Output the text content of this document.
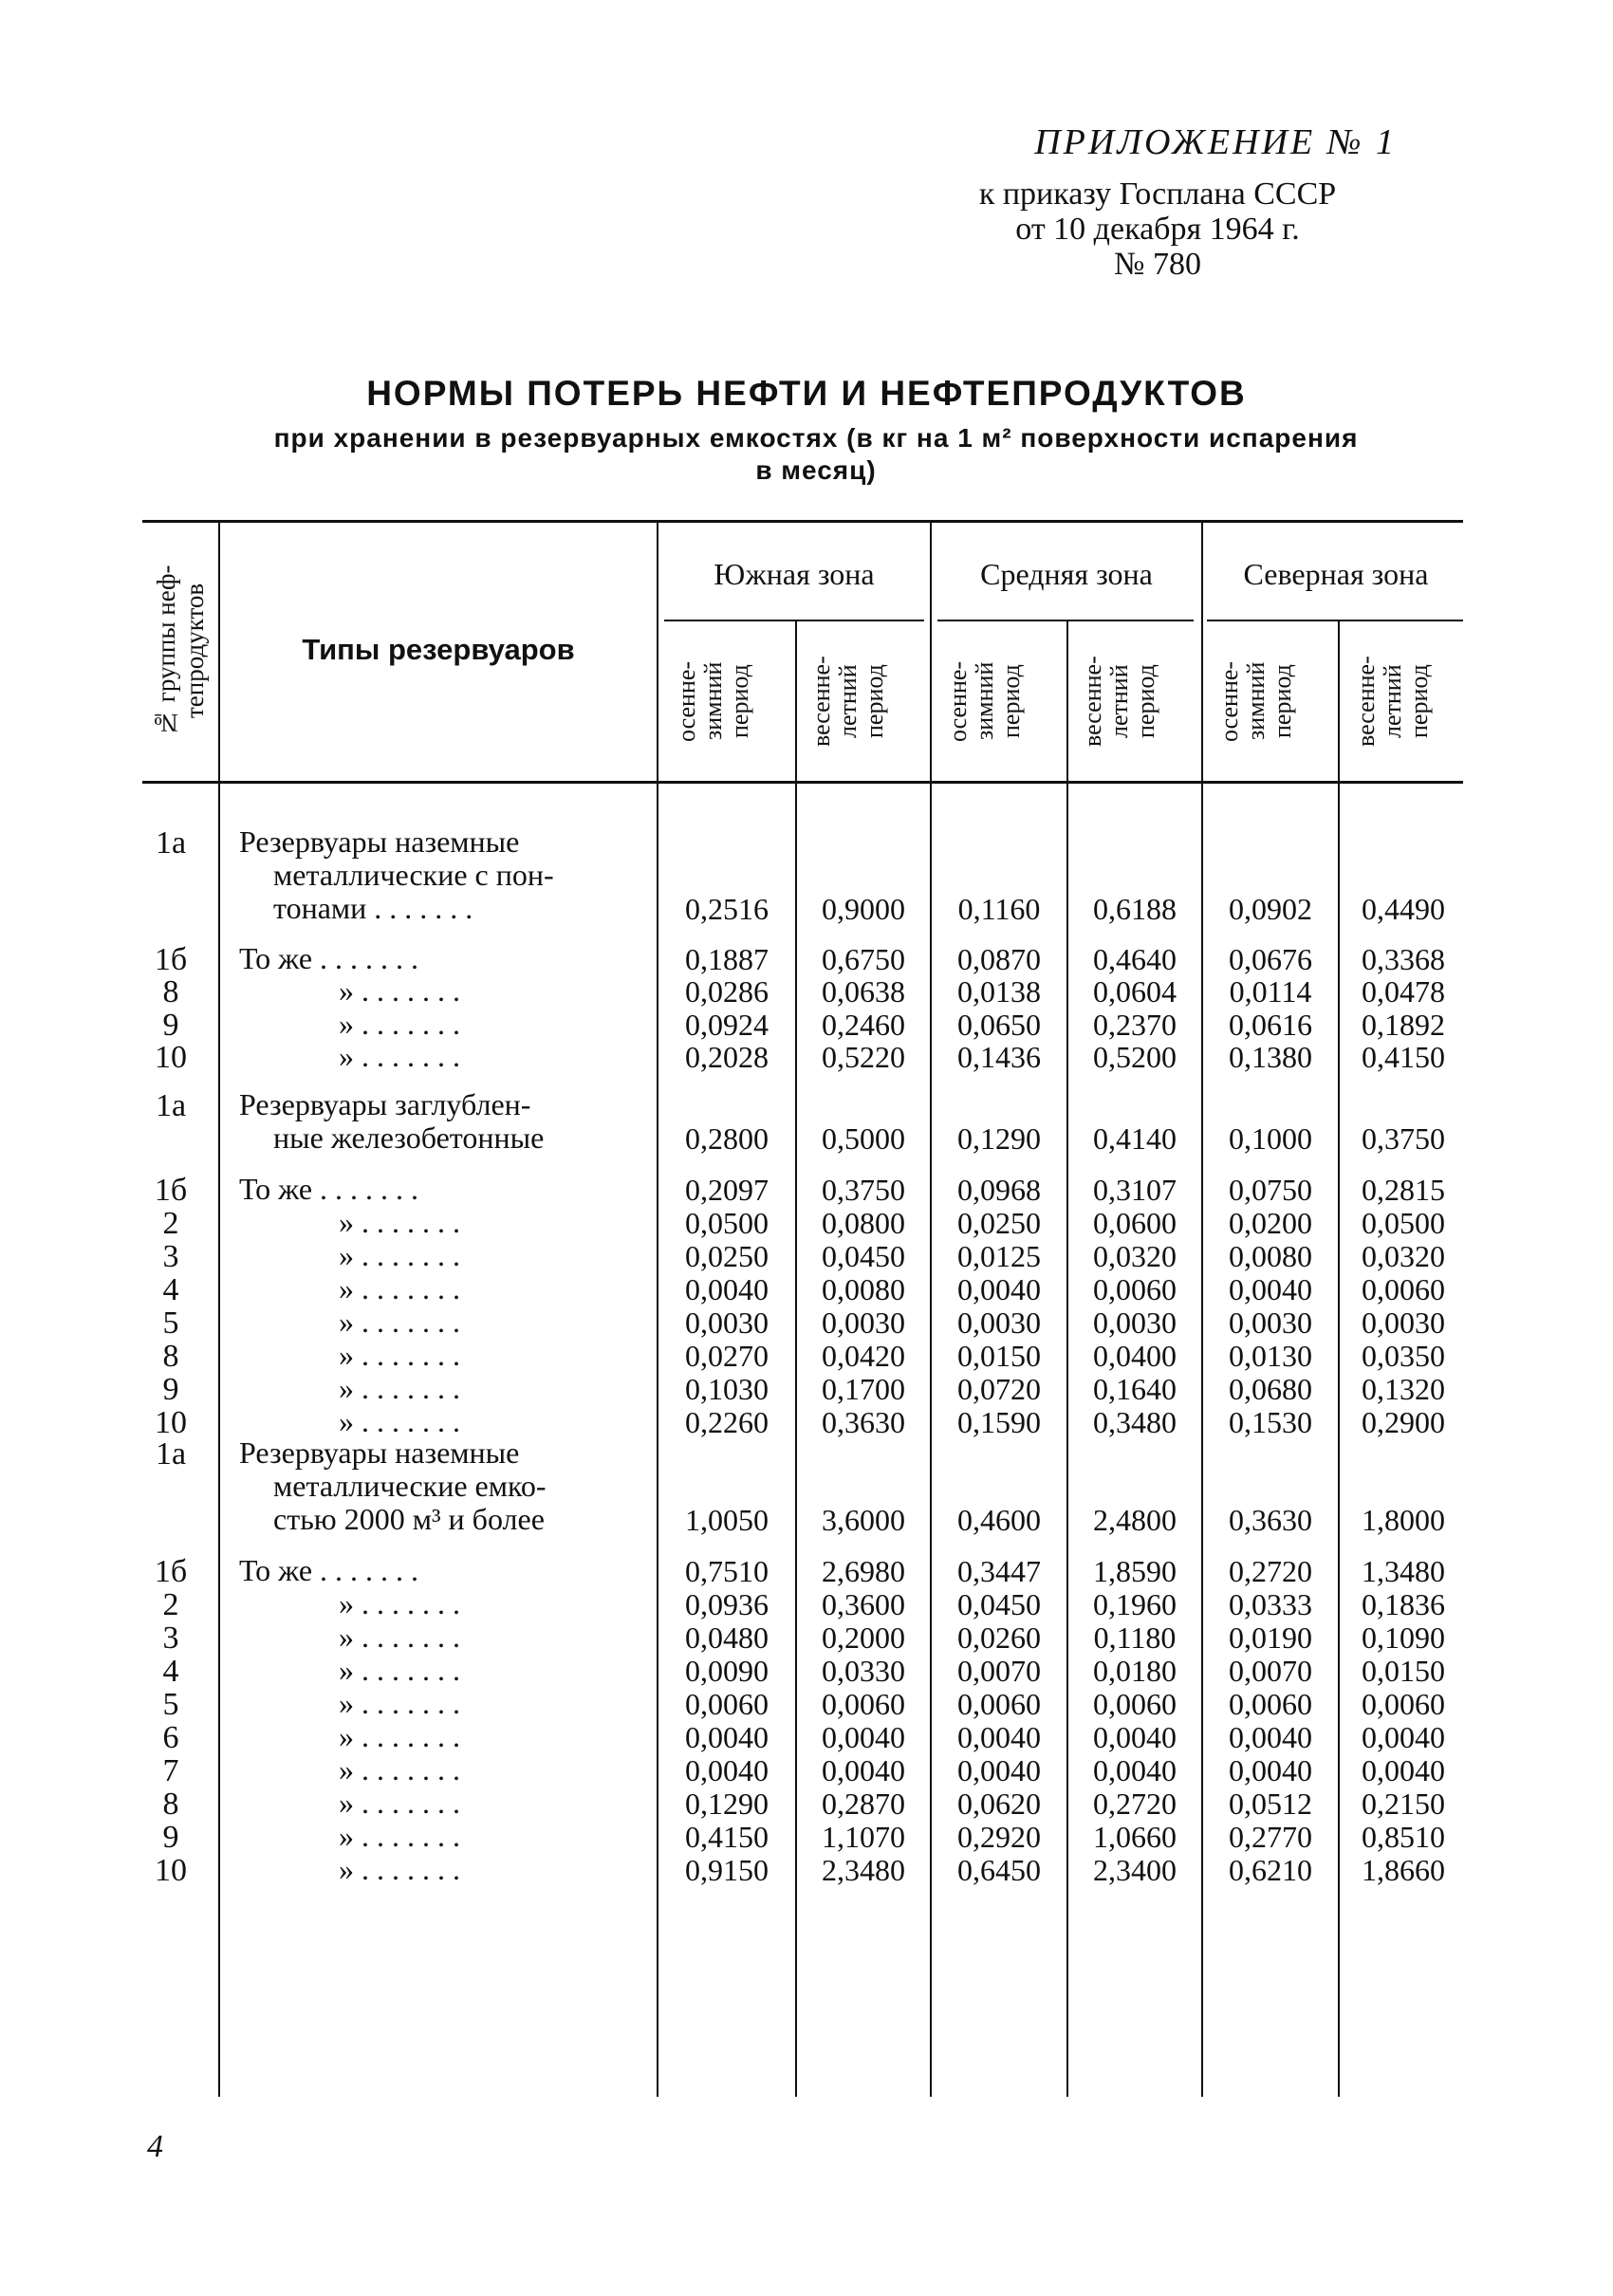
ПРИЛОЖЕНИЕ № 1
к приказу Госплана СССР
от 10 декабря 1964 г.
№ 780
НОРМЫ ПОТЕРЬ НЕФТИ И НЕФТЕПРОДУКТОВ
при хранении в резервуарных емкостях (в кг на 1 м² поверхности испарения
в месяц)
№ группы неф-тепродуктов	Типы резервуаров
Южная зона	Средняя зона	Северная зона
осенне-зимний период	весенне-летний период	осенне-зимний период	весенне-летний период	осенне-зимний период	весенне-летний период
1а	Резервуары наземные
металлические с пон-
тонами . . . . . . .	0,2516	0,9000	0,1160	0,6188	0,0902	0,4490
1б	То же . . . . . . .	0,1887	0,6750	0,0870	0,4640	0,0676	0,3368
8	» . . . . . . .	0,0286	0,0638	0,0138	0,0604	0,0114	0,0478
9	» . . . . . . .	0,0924	0,2460	0,0650	0,2370	0,0616	0,1892
10	» . . . . . . .	0,2028	0,5220	0,1436	0,5200	0,1380	0,4150
1а	Резервуары заглублен-
ные железобетонные	0,2800	0,5000	0,1290	0,4140	0,1000	0,3750
1б	То же . . . . . . .	0,2097	0,3750	0,0968	0,3107	0,0750	0,2815
2	» . . . . . . .	0,0500	0,0800	0,0250	0,0600	0,0200	0,0500
3	» . . . . . . .	0,0250	0,0450	0,0125	0,0320	0,0080	0,0320
4	» . . . . . . .	0,0040	0,0080	0,0040	0,0060	0,0040	0,0060
5	» . . . . . . .	0,0030	0,0030	0,0030	0,0030	0,0030	0,0030
8	» . . . . . . .	0,0270	0,0420	0,0150	0,0400	0,0130	0,0350
9	» . . . . . . .	0,1030	0,1700	0,0720	0,1640	0,0680	0,1320
10	» . . . . . . .	0,2260	0,3630	0,1590	0,3480	0,1530	0,2900
1а	Резервуары наземные
металлические емко-
стью 2000 м³ и более	1,0050	3,6000	0,4600	2,4800	0,3630	1,8000
1б	То же . . . . . . .	0,7510	2,6980	0,3447	1,8590	0,2720	1,3480
2	» . . . . . . .	0,0936	0,3600	0,0450	0,1960	0,0333	0,1836
3	» . . . . . . .	0,0480	0,2000	0,0260	0,1180	0,0190	0,1090
4	» . . . . . . .	0,0090	0,0330	0,0070	0,0180	0,0070	0,0150
5	» . . . . . . .	0,0060	0,0060	0,0060	0,0060	0,0060	0,0060
6	» . . . . . . .	0,0040	0,0040	0,0040	0,0040	0,0040	0,0040
7	» . . . . . . .	0,0040	0,0040	0,0040	0,0040	0,0040	0,0040
8	» . . . . . . .	0,1290	0,2870	0,0620	0,2720	0,0512	0,2150
9	» . . . . . . .	0,4150	1,1070	0,2920	1,0660	0,2770	0,8510
10	» . . . . . . .	0,9150	2,3480	0,6450	2,3400	0,6210	1,8660
4
